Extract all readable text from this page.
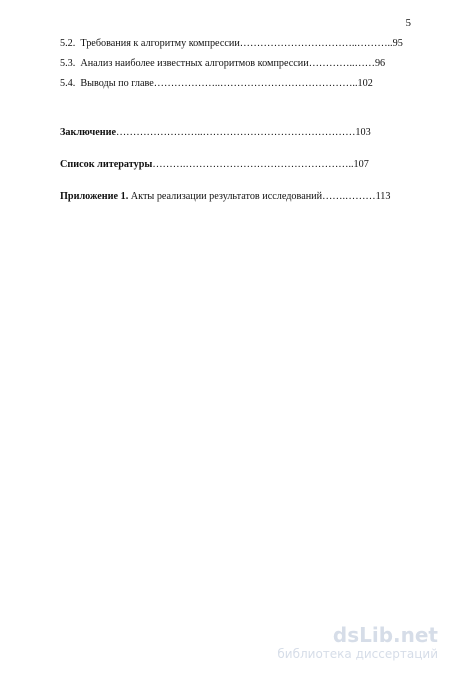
5
5.2. Требования к алгоритму компрессии……………………………..………..95
5.3. Анализ наиболее известных алгоритмов компрессии…………..……96
5.4. Выводы по главе………………..…………………………………..102
Заключение……………………..………………………………………103
Список литературы……….…………………………………………..107
Приложение 1. Акты реализации результатов исследований…….………113
dsLib.net
библиотека диссертаций
